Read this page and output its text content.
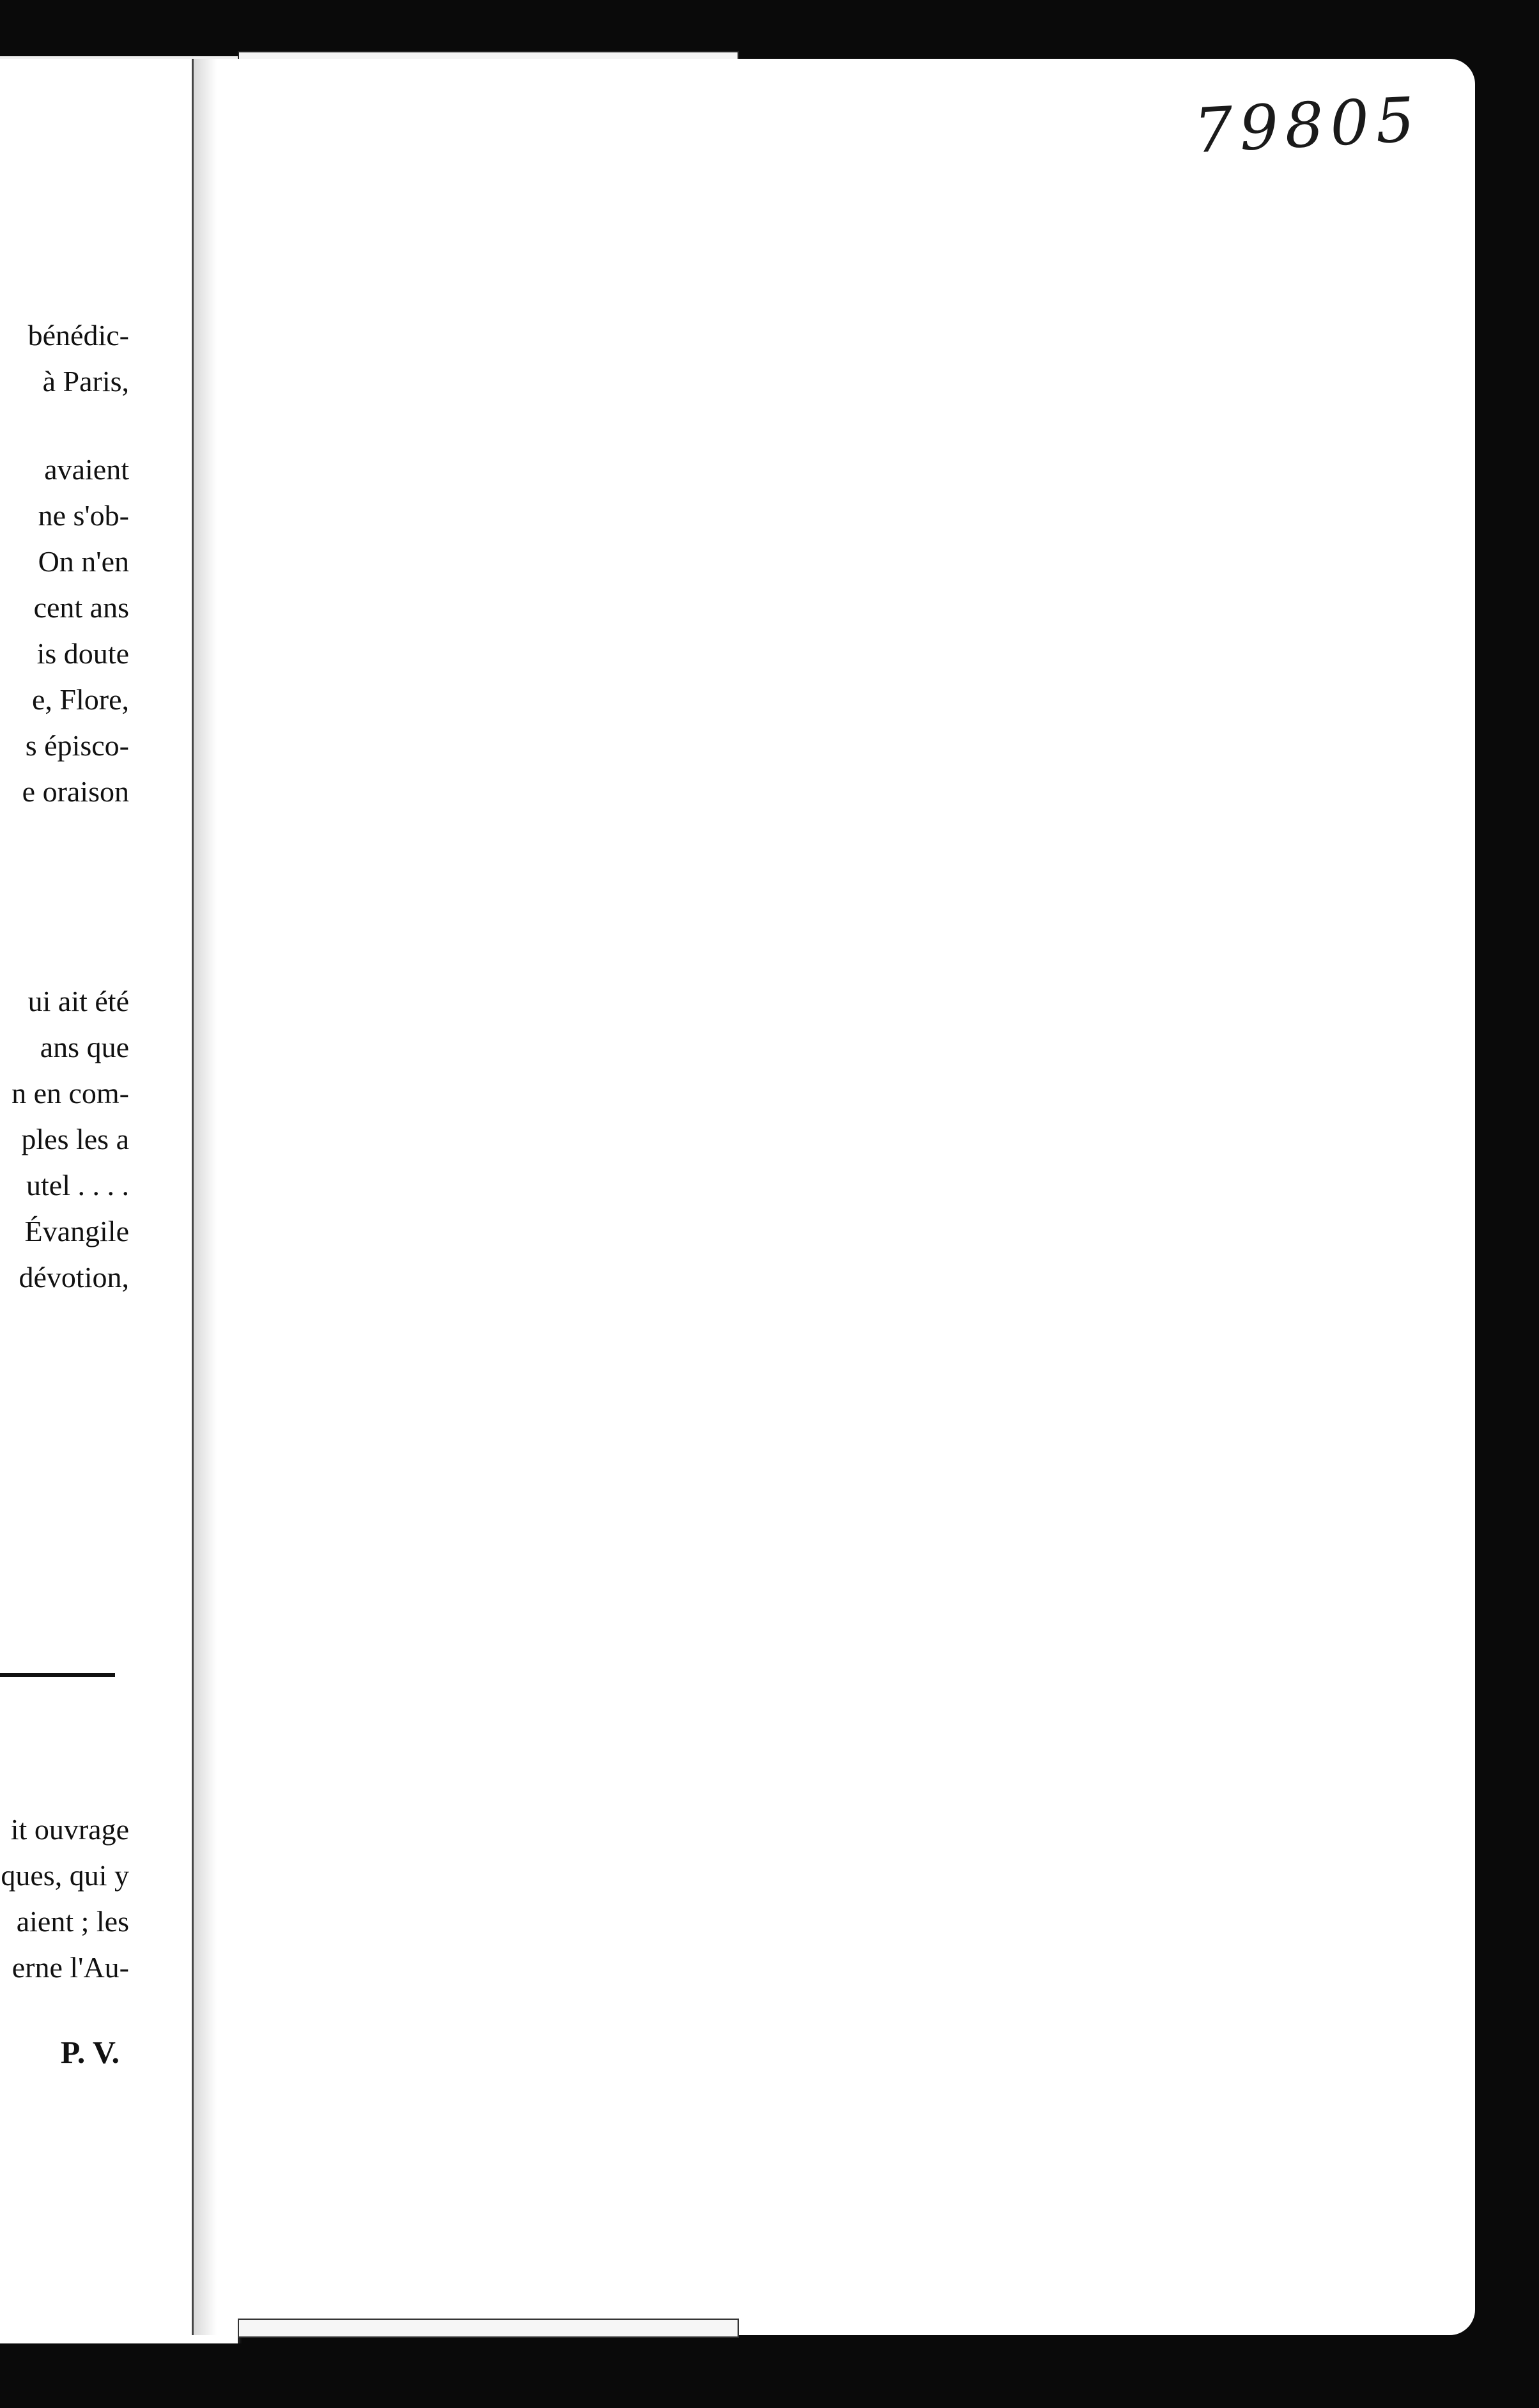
bénédic-
à Paris,
avaient
ne s'ob-
On n'en
cent ans
is doute
e, Flore,
s épisco-
e oraison
ui ait été
ans que
n en com-
ples les a
utel . . . .
Évangile
dévotion,
it ouvrage
ques, qui y
aient ; les
erne l'Au-
P. V.
79805
